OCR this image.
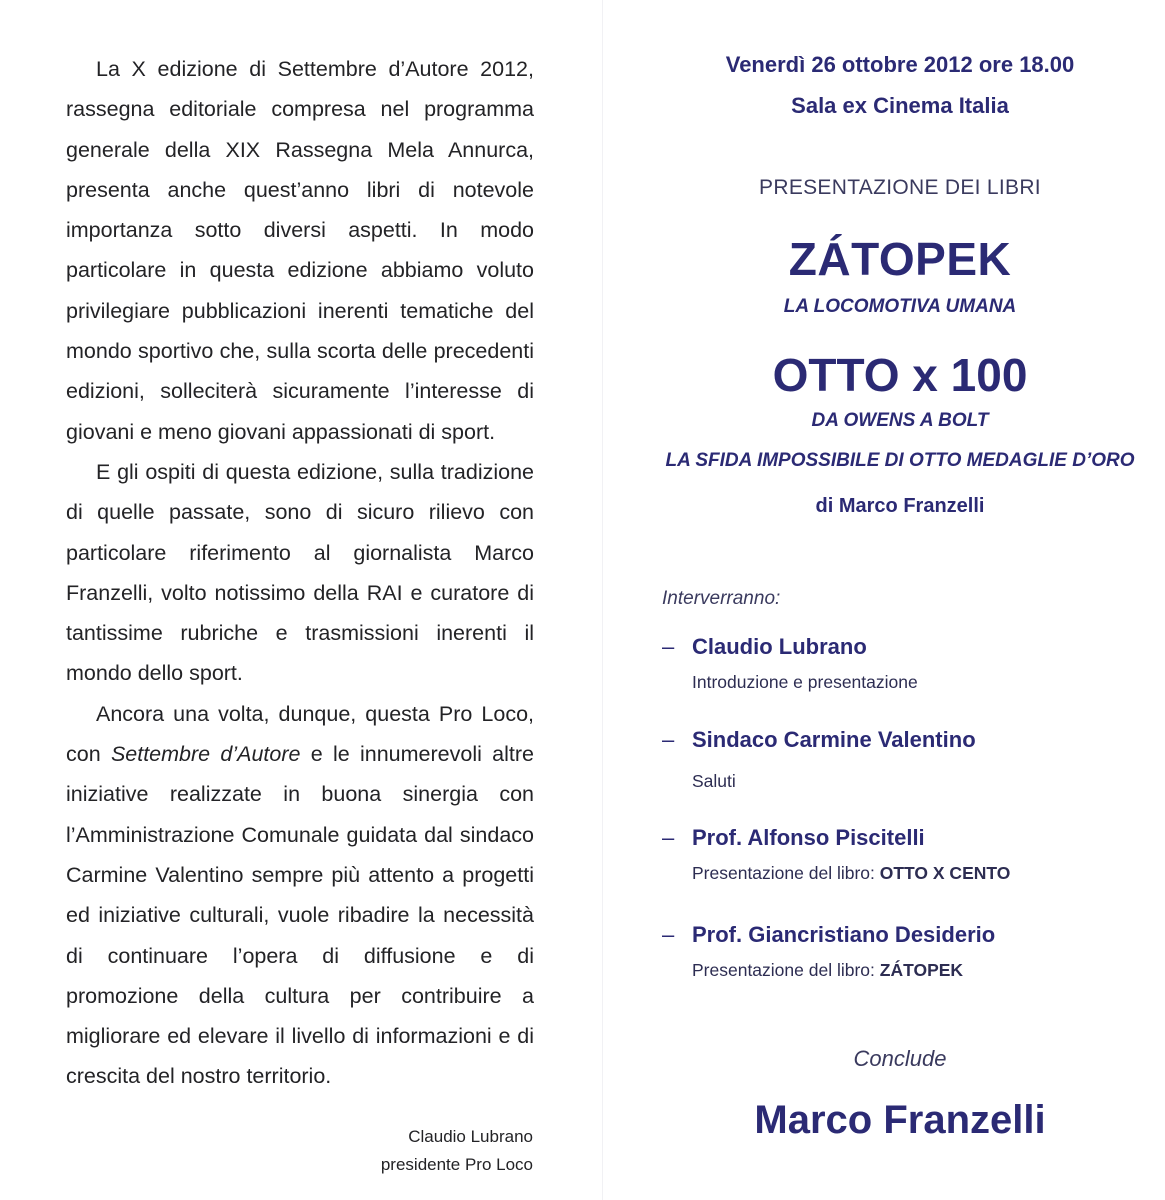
La X edizione di Settembre d’Autore 2012, rassegna editoriale compresa nel programma generale della XIX Rassegna Mela Annurca, presenta anche quest’anno libri di notevole importanza sotto diversi aspetti. In modo particolare in questa edizione abbiamo voluto privilegiare pubblicazioni inerenti tematiche del mondo sportivo che, sulla scorta delle precedenti edizioni, solleciterà sicuramente l’interesse di giovani e meno giovani appassionati di sport.

E gli ospiti di questa edizione, sulla tradizione di quelle passate, sono di sicuro rilievo con particolare riferimento al giornalista Marco Franzelli, volto notissimo della RAI e curatore di tantissime rubriche e trasmissioni inerenti il mondo dello sport.

Ancora una volta, dunque, questa Pro Loco, con Settembre d’Autore e le innumerevoli altre iniziative realizzate in buona sinergia con l’Amministrazione Comunale guidata dal sindaco Carmine Valentino sempre più attento a progetti ed iniziative culturali, vuole ribadire la necessità di continuare l’opera di diffusione e di promozione della cultura per contribuire a migliorare ed elevare il livello di informazioni e di crescita del nostro territorio.

Claudio Lubrano
presidente Pro Loco
Venerdì 26 ottobre 2012 ore 18.00
Sala ex Cinema Italia
PRESENTAZIONE DEI LIBRI
ZÁTOPEK
LA LOCOMOTIVA UMANA
OTTO x 100
DA OWENS A BOLT
LA SFIDA IMPOSSIBILE DI OTTO MEDAGLIE D’ORO
di Marco Franzelli
Interverranno:
– Claudio Lubrano
Introduzione e presentazione
– Sindaco Carmine Valentino
Saluti
– Prof. Alfonso Piscitelli
Presentazione del libro: OTTO X CENTO
– Prof. Giancristiano Desiderio
Presentazione del libro: ZÁTOPEK
Conclude
Marco Franzelli
